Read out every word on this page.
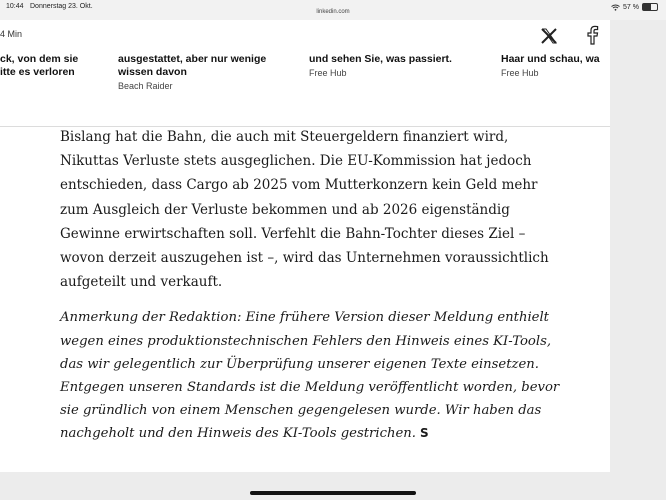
10:44 Donnerstag 23. Okt.
linkedin.com
57 %
4 Min
ck, von dem sie
itte es verloren
ausgestattet, aber nur wenige
wissen davon
Beach Raider
und sehen Sie, was passiert.
Free Hub
Haar und schau, wa
Free Hub

Bislang hat die Bahn, die auch mit Steuergeldern finanziert wird, Nikuttas Verluste stets ausgeglichen. Die EU-Kommission hat jedoch entschieden, dass Cargo ab 2025 vom Mutterkonzern kein Geld mehr zum Ausgleich der Verluste bekommen und ab 2026 eigenständig Gewinne erwirtschaften soll. Verfehlt die Bahn-Tochter dieses Ziel – wovon derzeit auszugehen ist –, wird das Unternehmen voraussichtlich aufgeteilt und verkauft.

Anmerkung der Redaktion: Eine frühere Version dieser Meldung enthielt wegen eines produktionstechnischen Fehlers den Hinweis eines KI-Tools, das wir gelegentlich zur Überprüfung unserer eigenen Texte einsetzen. Entgegen unseren Standards ist die Meldung veröffentlicht worden, bevor sie gründlich von einem Menschen gegengelesen wurde. Wir haben das nachgeholt und den Hinweis des KI-Tools gestrichen. S
